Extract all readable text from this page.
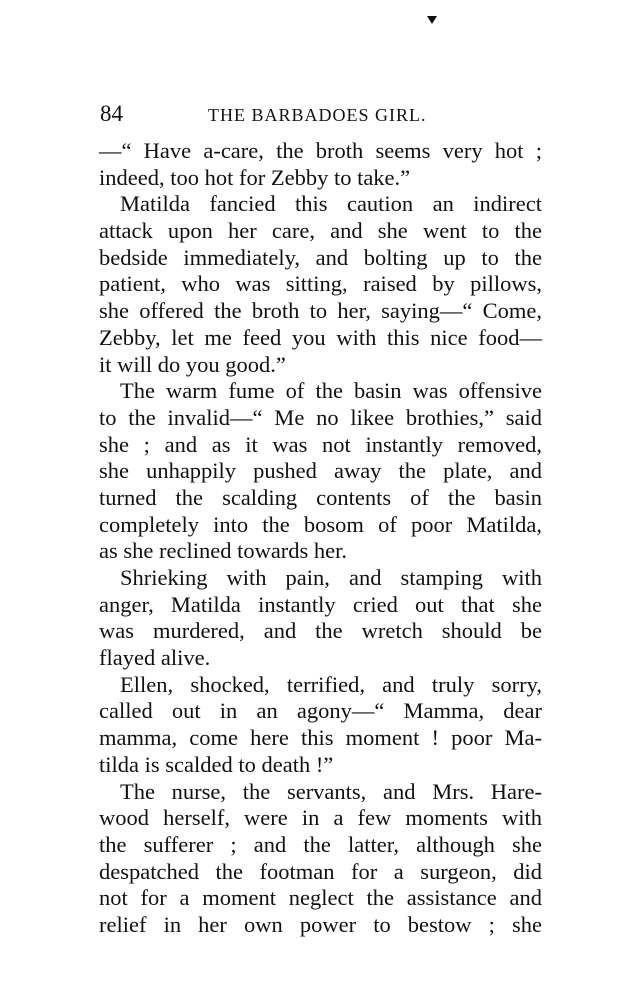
84	THE BARBADOES GIRL.
—“ Have a-care, the broth seems very hot ;
indeed, too hot for Zebby to take.”
Matilda fancied this caution an indirect
attack upon her care, and she went to the
bedside immediately, and bolting up to the
patient, who was sitting, raised by pillows,
she offered the broth to her, saying—“ Come,
Zebby, let me feed you with this nice food—
it will do you good.”
The warm fume of the basin was offensive
to the invalid—“ Me no likee brothies,” said
she ; and as it was not instantly removed,
she unhappily pushed away the plate, and
turned the scalding contents of the basin
completely into the bosom of poor Matilda,
as she reclined towards her.
Shrieking with pain, and stamping with
anger, Matilda instantly cried out that she
was murdered, and the wretch should be
flayed alive.
Ellen, shocked, terrified, and truly sorry,
called out in an agony—“ Mamma, dear
mamma, come here this moment ! poor Ma-
tilda is scalded to death !”
The nurse, the servants, and Mrs. Hare-
wood herself, were in a few moments with
the sufferer ; and the latter, although she
despatched the footman for a surgeon, did
not for a moment neglect the assistance and
relief in her own power to bestow ; she
